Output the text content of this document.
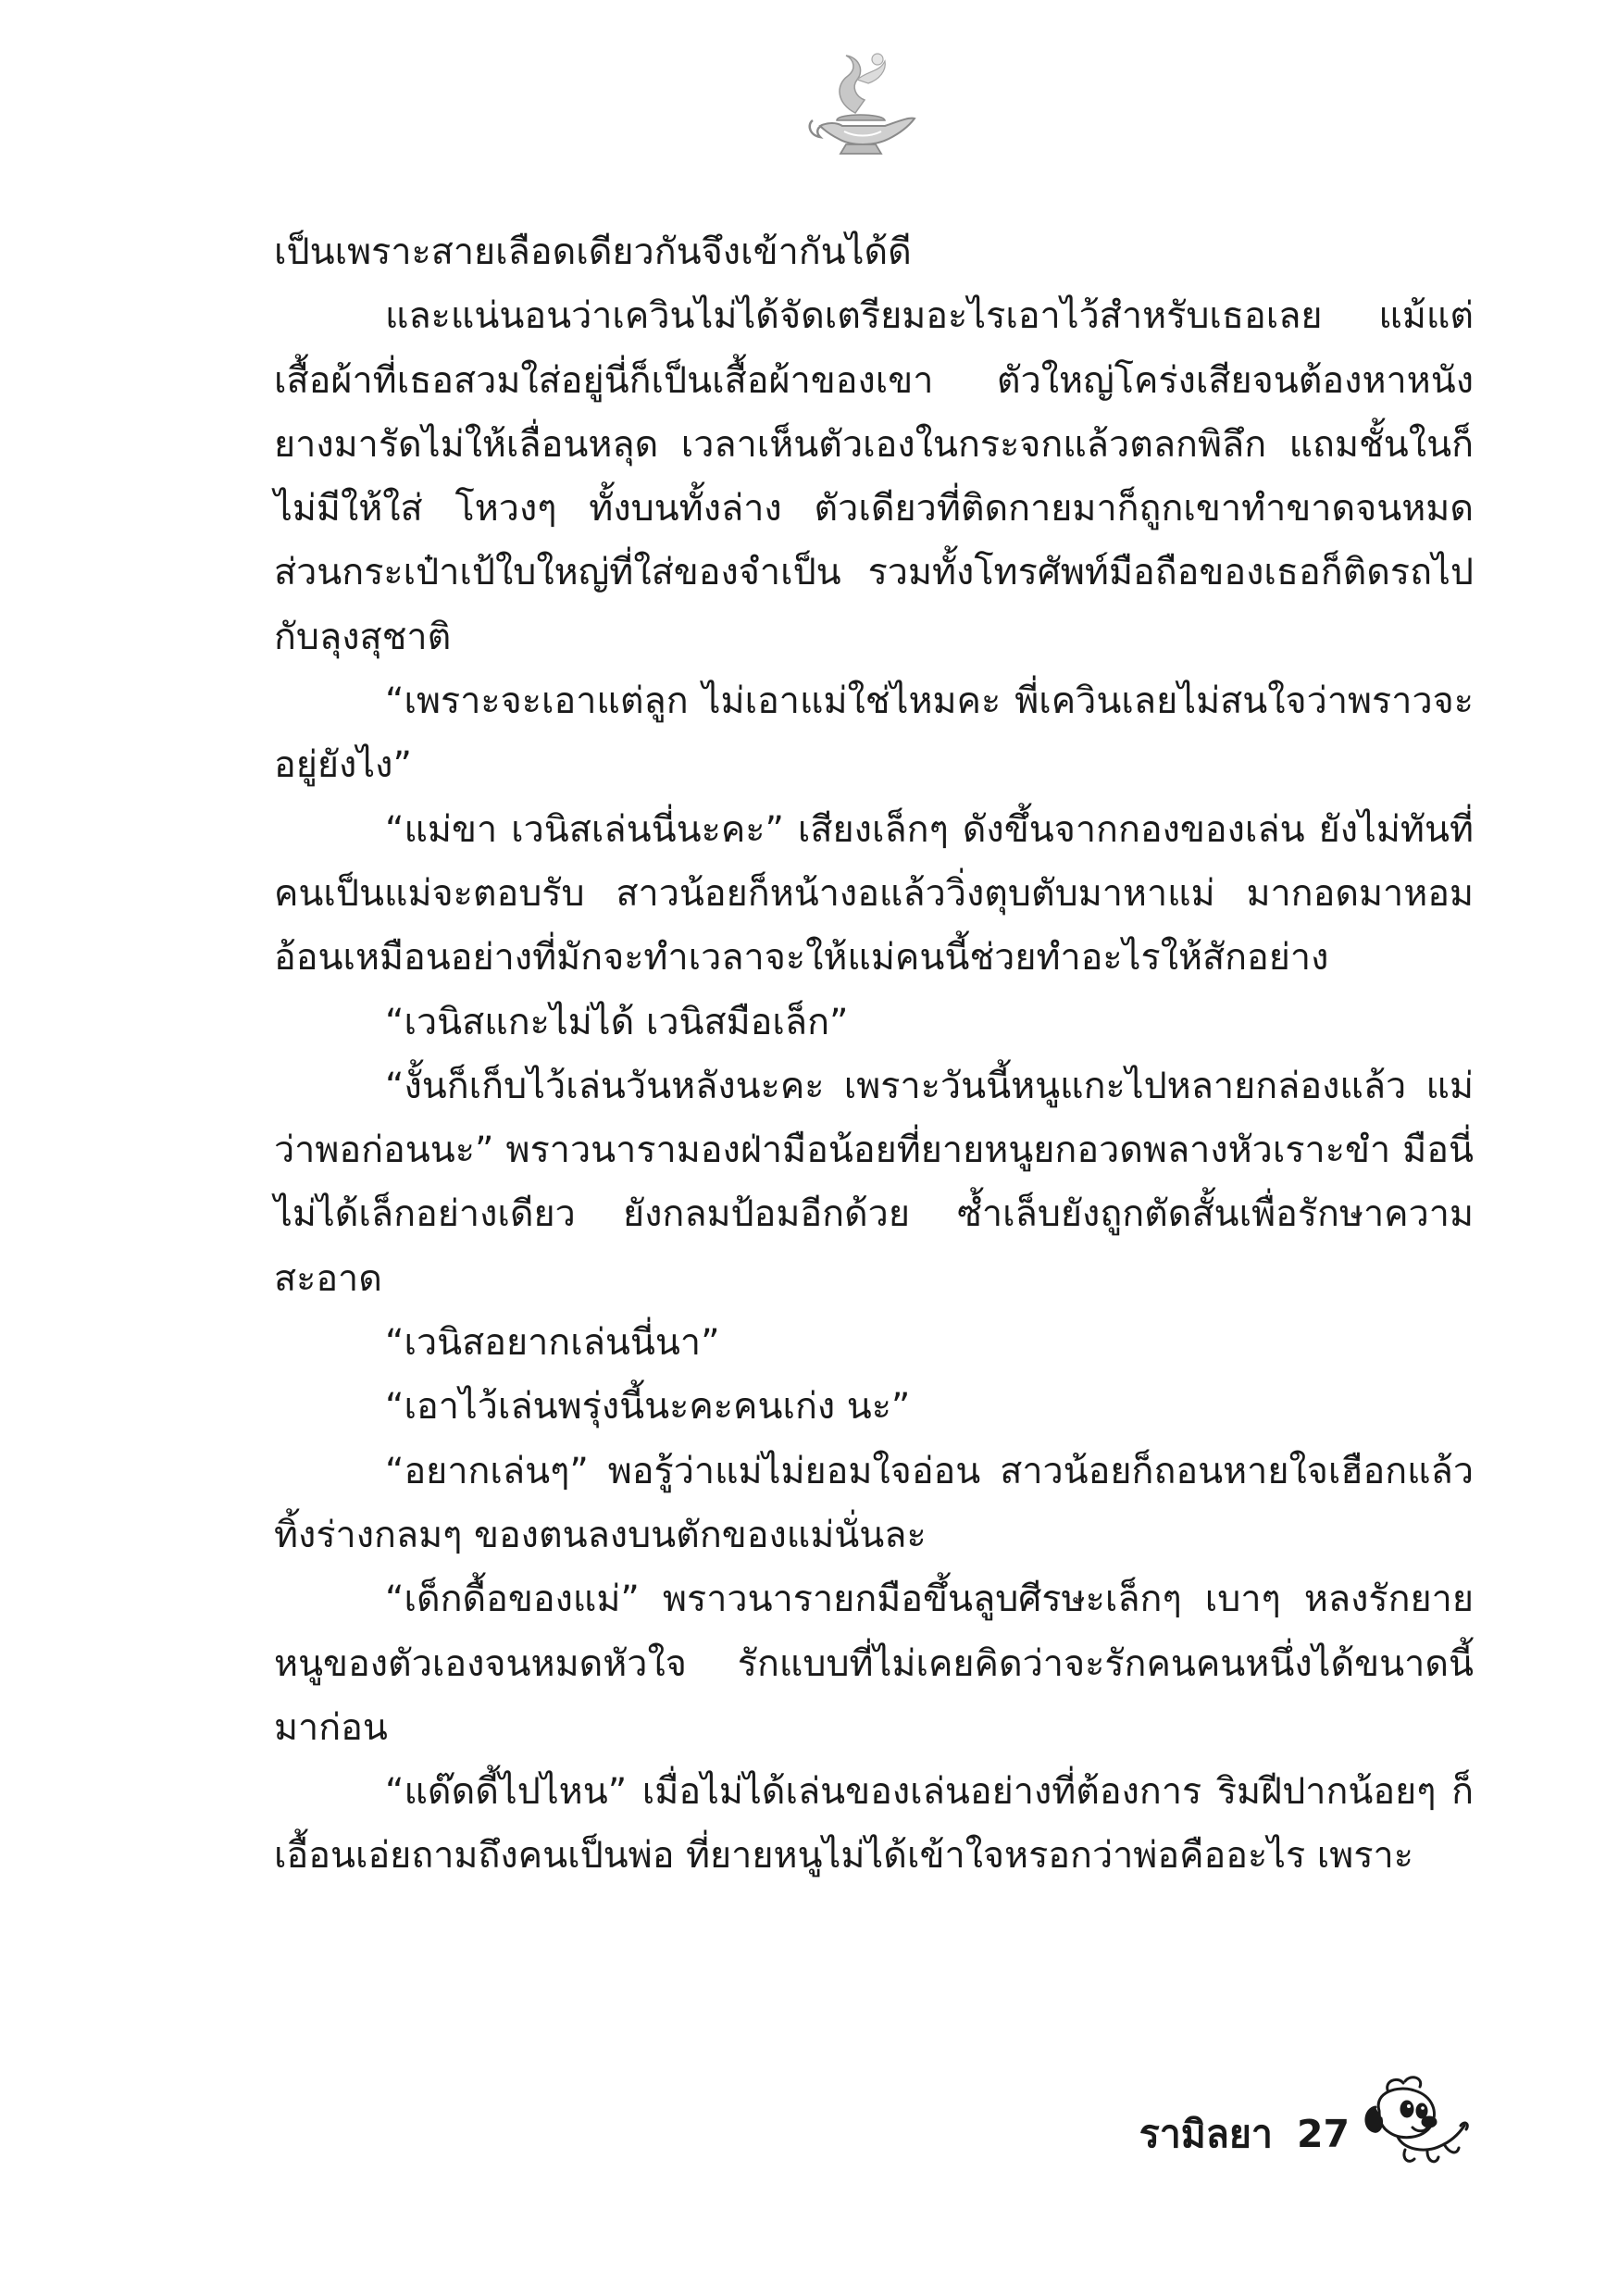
เป็นเพราะสายเลือดเดียวกันจึงเข้ากันได้ดี

และแน่นอนว่าเควินไม่ได้จัดเตรียมอะไรเอาไว้สำหรับเธอเลย แม้แต่เสื้อผ้าที่เธอสวมใส่อยู่นี่ก็เป็นเสื้อผ้าของเขา ตัวใหญ่โคร่งเสียจนต้องหาหนังยางมารัดไม่ให้เลื่อนหลุด เวลาเห็นตัวเองในกระจกแล้วตลกพิลึก แถมชั้นในก็ไม่มีให้ใส่ โหวงๆ ทั้งบนทั้งล่าง ตัวเดียวที่ติดกายมาก็ถูกเขาทำขาดจนหมด ส่วนกระเป๋าเป้ใบใหญ่ที่ใส่ของจำเป็น รวมทั้งโทรศัพท์มือถือของเธอก็ติดรถไปกับลุงสุชาติ

“เพราะจะเอาแต่ลูก ไม่เอาแม่ใช่ไหมคะ พี่เควินเลยไม่สนใจว่าพราวจะอยู่ยังไง”

“แม่ขา เวนิสเล่นนี่นะคะ” เสียงเล็กๆ ดังขึ้นจากกองของเล่น ยังไม่ทันที่คนเป็นแม่จะตอบรับ สาวน้อยก็หน้างอแล้ววิ่งตุบตับมาหาแม่ มากอดมาหอมอ้อนเหมือนอย่างที่มักจะทำเวลาจะให้แม่คนนี้ช่วยทำอะไรให้สักอย่าง

“เวนิสแกะไม่ได้ เวนิสมือเล็ก”

“งั้นก็เก็บไว้เล่นวันหลังนะคะ เพราะวันนี้หนูแกะไปหลายกล่องแล้ว แม่ว่าพอก่อนนะ” พราวนารามองฝ่ามือน้อยที่ยายหนูยกอวดพลางหัวเราะขำ มือนี่ไม่ได้เล็กอย่างเดียว ยังกลมป้อมอีกด้วย ซ้ำเล็บยังถูกตัดสั้นเพื่อรักษาความสะอาด

“เวนิสอยากเล่นนี่นา”

“เอาไว้เล่นพรุ่งนี้นะคะคนเก่ง นะ”

“อยากเล่นๆ” พอรู้ว่าแม่ไม่ยอมใจอ่อน สาวน้อยก็ถอนหายใจเฮือกแล้วทิ้งร่างกลมๆ ของตนลงบนตักของแม่นั่นละ

“เด็กดื้อของแม่” พราวนารายกมือขึ้นลูบศีรษะเล็กๆ เบาๆ หลงรักยายหนูของตัวเองจนหมดหัวใจ รักแบบที่ไม่เคยคิดว่าจะรักคนคนหนึ่งได้ขนาดนี้มาก่อน

“แด๊ดดี้ไปไหน” เมื่อไม่ได้เล่นของเล่นอย่างที่ต้องการ ริมฝีปากน้อยๆ ก็เอื้อนเอ่ยถามถึงคนเป็นพ่อ ที่ยายหนูไม่ได้เข้าใจหรอกว่าพ่อคืออะไร เพราะ

รามิลยา 27
